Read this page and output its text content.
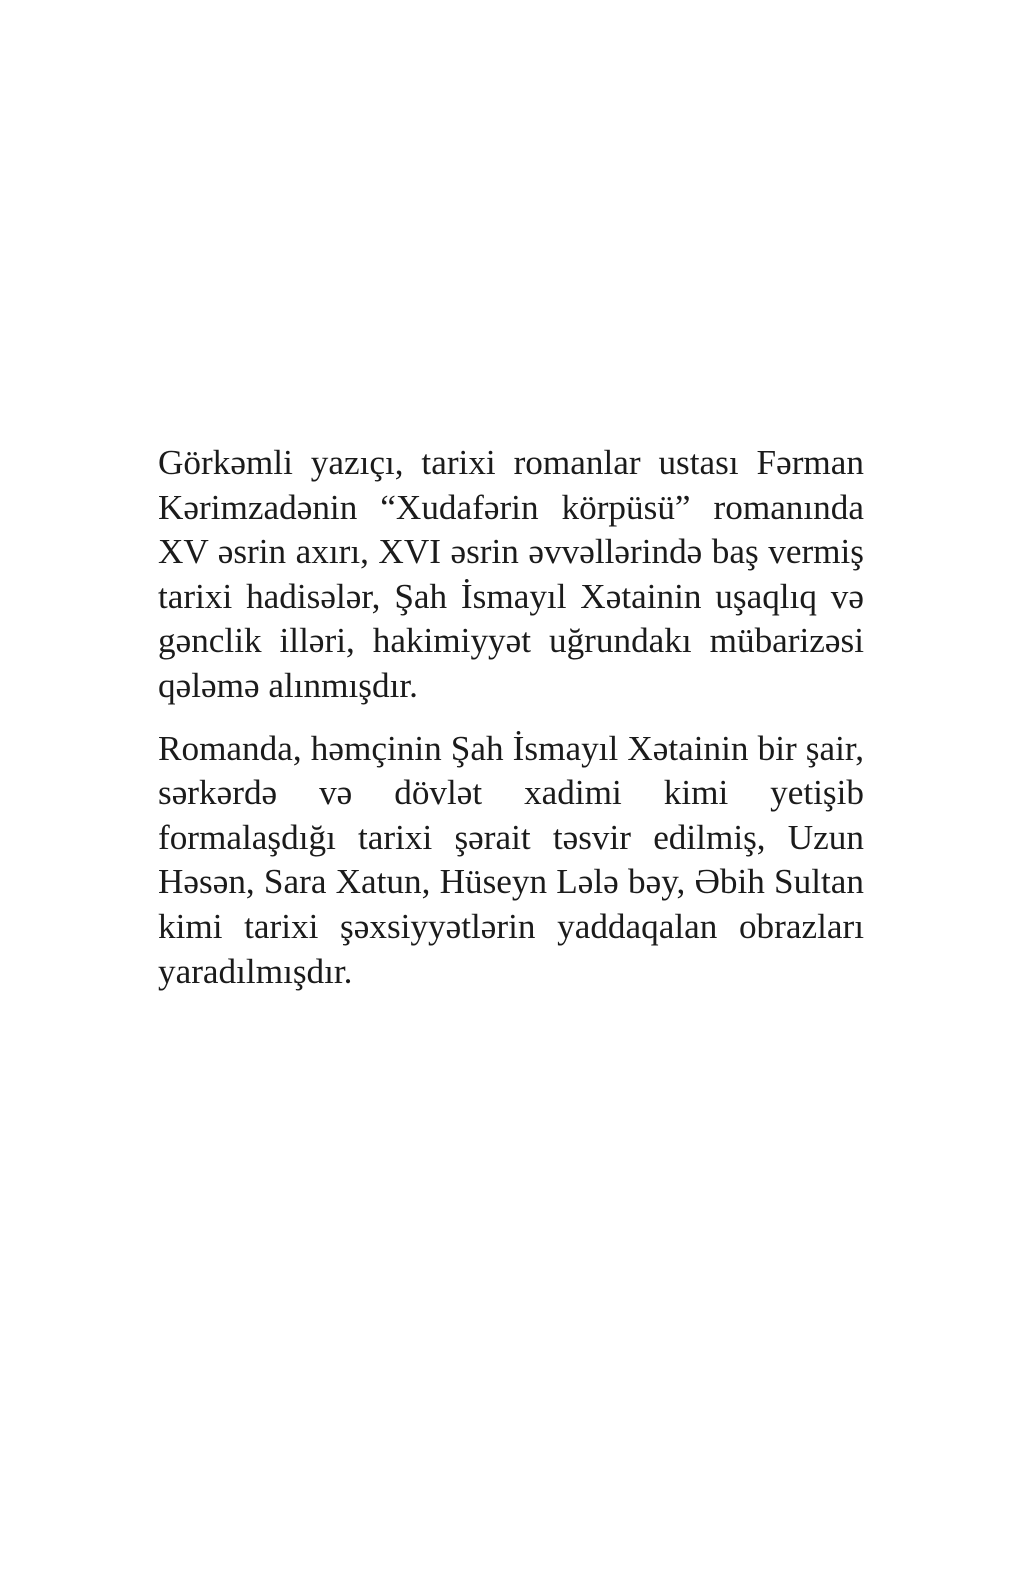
Görkəmli yazıçı, tarixi romanlar ustası Fərman Kərimzadənin “Xudafərin körpüsü” romanında XV əsrin axırı, XVI əsrin əvvəllərində baş vermiş tarixi hadisələr, Şah İsmayıl Xətainin uşaqlıq və gənclik illəri, hakimiyyət uğrundakı mübarizəsi qələmə alınmışdır.

Romanda, həmçinin Şah İsmayıl Xətainin bir şair, sərkərdə və dövlət xadimi kimi yetişib formalaşdığı tarixi şərait təsvir edilmiş, Uzun Həsən, Sara Xatun, Hüseyn Lələ bəy, Əbih Sultan kimi tarixi şəxsiyyətlərin yaddaqalan obrazları yaradılmışdır.
